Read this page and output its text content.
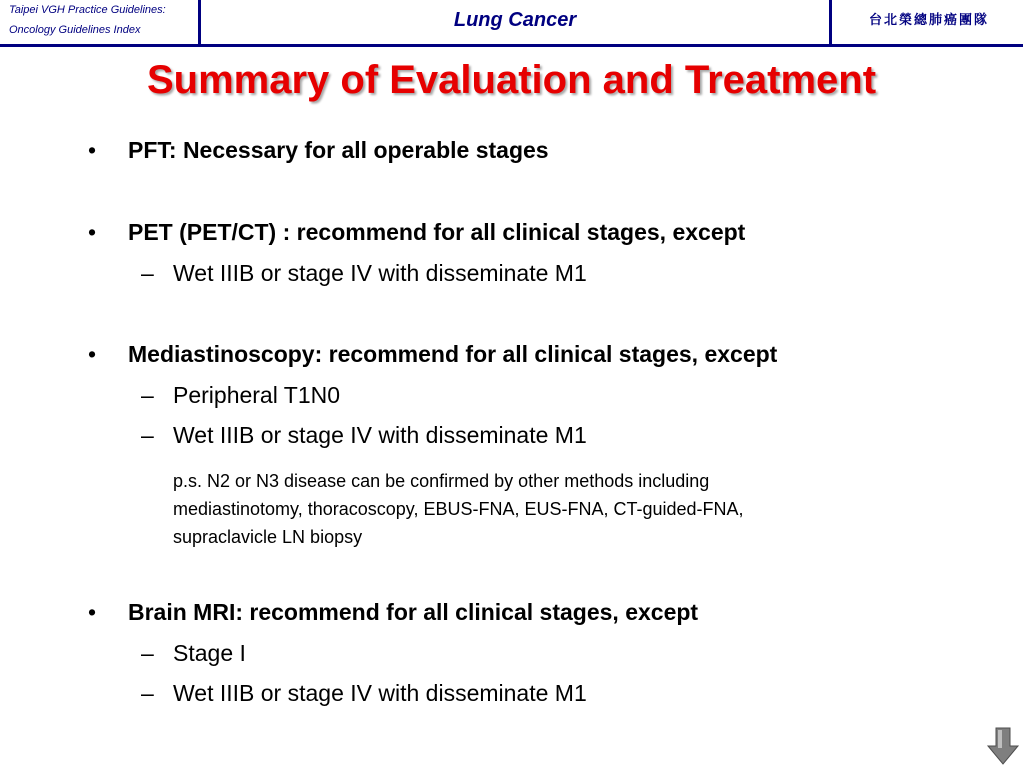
Taipei VGH Practice Guidelines:
Oncology Guidelines Index	Lung Cancer	台北榮總肺癌團隊
Summary of Evaluation and Treatment
• PFT: Necessary for all operable stages
• PET (PET/CT) : recommend for all clinical stages, except
– Wet IIIB or stage IV with disseminate M1
• Mediastinoscopy: recommend for all clinical stages, except
– Peripheral T1N0
– Wet IIIB or stage IV with disseminate M1
p.s. N2 or N3 disease can be confirmed by other methods including
mediastinotomy, thoracoscopy, EBUS-FNA, EUS-FNA, CT-guided-FNA,
supraclavicle LN biopsy
• Brain MRI: recommend for all clinical stages, except
– Stage I
– Wet IIIB or stage IV with disseminate M1
